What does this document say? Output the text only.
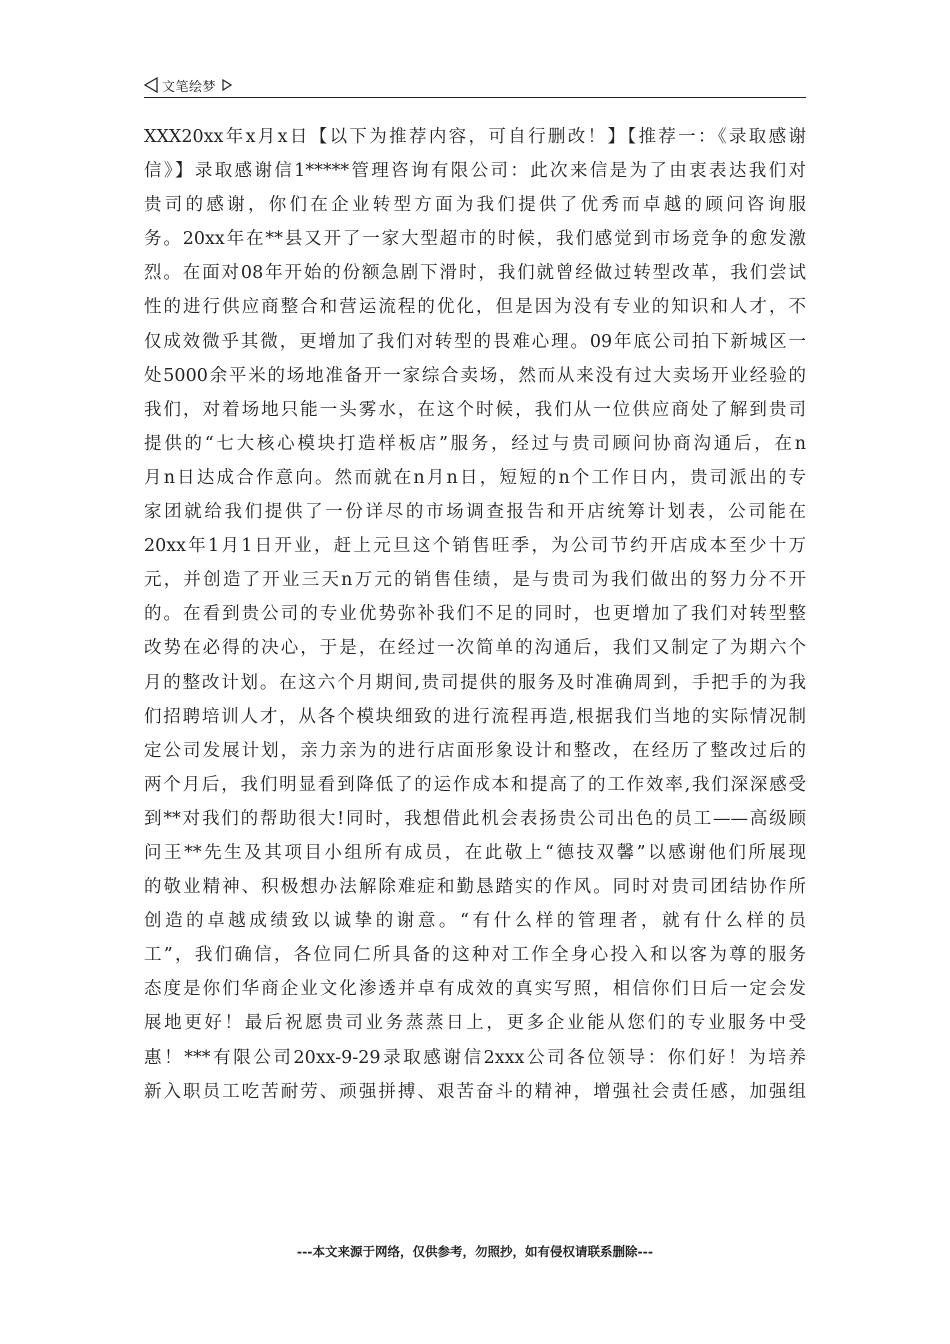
文笔绘梦
XXX20xx年x月x日【以下为推荐内容，可自行删改！】【推荐一：《录取感谢
信》】录取感谢信1*****管理咨询有限公司：此次来信是为了由衷表达我们对
贵司的感谢，你们在企业转型方面为我们提供了优秀而卓越的顾问咨询服
务。20xx年在**县又开了一家大型超市的时候，我们感觉到市场竞争的愈发激
烈。在面对08年开始的份额急剧下滑时，我们就曾经做过转型改革，我们尝试
性的进行供应商整合和营运流程的优化，但是因为没有专业的知识和人才，不
仅成效微乎其微，更增加了我们对转型的畏难心理。09年底公司拍下新城区一
处5000余平米的场地准备开一家综合卖场，然而从来没有过大卖场开业经验的
我们，对着场地只能一头雾水，在这个时候，我们从一位供应商处了解到贵司
提供的“七大核心模块打造样板店”服务，经过与贵司顾问协商沟通后，在n
月n日达成合作意向。然而就在n月n日，短短的n个工作日内，贵司派出的专
家团就给我们提供了一份详尽的市场调查报告和开店统筹计划表，公司能在
20xx年1月1日开业，赶上元旦这个销售旺季，为公司节约开店成本至少十万
元，并创造了开业三天n万元的销售佳绩，是与贵司为我们做出的努力分不开
的。在看到贵公司的专业优势弥补我们不足的同时，也更增加了我们对转型整
改势在必得的决心，于是，在经过一次简单的沟通后，我们又制定了为期六个
月的整改计划。在这六个月期间,贵司提供的服务及时准确周到，手把手的为我
们招聘培训人才，从各个模块细致的进行流程再造,根据我们当地的实际情况制
定公司发展计划，亲力亲为的进行店面形象设计和整改，在经历了整改过后的
两个月后，我们明显看到降低了的运作成本和提高了的工作效率,我们深深感受
到**对我们的帮助很大!同时，我想借此机会表扬贵公司出色的员工——高级顾
问王**先生及其项目小组所有成员，在此敬上“德技双馨”以感谢他们所展现
的敬业精神、积极想办法解除难症和勤恳踏实的作风。同时对贵司团结协作所
创造的卓越成绩致以诚挚的谢意。“有什么样的管理者，就有什么样的员
工”，我们确信，各位同仁所具备的这种对工作全身心投入和以客为尊的服务
态度是你们华商企业文化渗透并卓有成效的真实写照，相信你们日后一定会发
展地更好！最后祝愿贵司业务蒸蒸日上，更多企业能从您们的专业服务中受
惠！***有限公司20xx-9-29录取感谢信2xxx公司各位领导：你们好！为培养
新入职员工吃苦耐劳、顽强拼搏、艰苦奋斗的精神，增强社会责任感，加强组
---本文来源于网络，仅供参考，勿照抄，如有侵权请联系删除---
